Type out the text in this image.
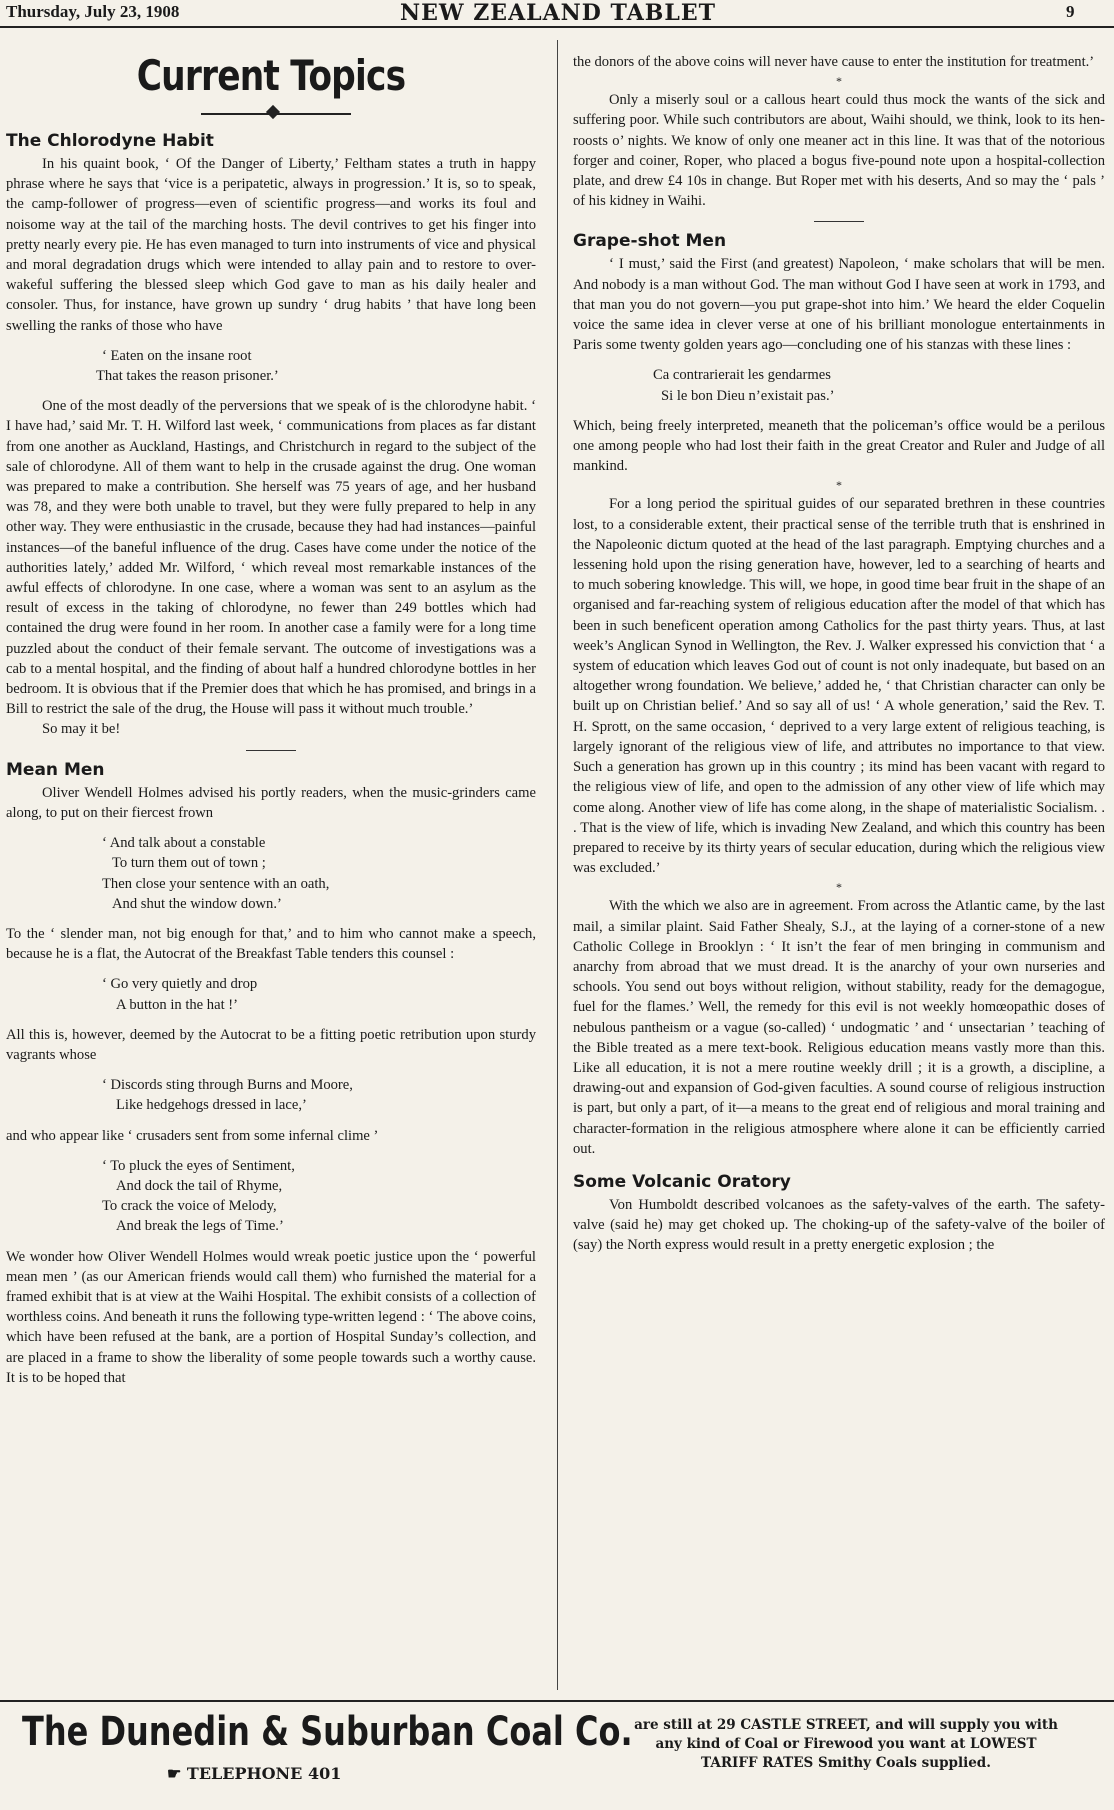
Thursday, July 23, 1908	NEW ZEALAND TABLET	9
Current Topics
The Chlorodyne Habit

In his quaint book, ‘ Of the Danger of Liberty,’ Feltham states a truth in happy phrase where he says that ‘vice is a peripatetic, always in progression.’ It is, so to speak, the camp-follower of progress—even of scientific progress—and works its foul and noisome way at the tail of the marching hosts. The devil contrives to get his finger into pretty nearly every pie. He has even managed to turn into instruments of vice and physical and moral degradation drugs which were intended to allay pain and to restore to over-wakeful suffering the blessed sleep which God gave to man as his daily healer and consoler. Thus, for instance, have grown up sundry ‘ drug habits ’ that have long been swelling the ranks of those who have

‘ Eaten on the insane root
That takes the reason prisoner.’

One of the most deadly of the perversions that we speak of is the chlorodyne habit. ‘ I have had,’ said Mr. T. H. Wilford last week, ‘ communications from places as far distant from one another as Auckland, Hastings, and Christchurch in regard to the subject of the sale of chlorodyne. All of them want to help in the crusade against the drug. One woman was prepared to make a contribution. She herself was 75 years of age, and her husband was 78, and they were both unable to travel, but they were fully prepared to help in any other way. They were enthusiastic in the crusade, because they had had instances—painful instances—of the baneful influence of the drug. Cases have come under the notice of the authorities lately,’ added Mr. Wilford, ‘ which reveal most remarkable instances of the awful effects of chlorodyne. In one case, where a woman was sent to an asylum as the result of excess in the taking of chlorodyne, no fewer than 249 bottles which had contained the drug were found in her room. In another case a family were for a long time puzzled about the conduct of their female servant. The outcome of investigations was a cab to a mental hospital, and the finding of about half a hundred chlorodyne bottles in her bedroom. It is obvious that if the Premier does that which he has promised, and brings in a Bill to restrict the sale of the drug, the House will pass it without much trouble.’

So may it be!

Mean Men

Oliver Wendell Holmes advised his portly readers, when the music-grinders came along, to put on their fiercest frown

‘ And talk about a constable
To turn them out of town ;
Then close your sentence with an oath,
And shut the window down.’

To the ‘ slender man, not big enough for that,’ and to him who cannot make a speech, because he is a flat, the Autocrat of the Breakfast Table tenders this counsel :

‘ Go very quietly and drop
A button in the hat !’

All this is, however, deemed by the Autocrat to be a fitting poetic retribution upon sturdy vagrants whose

‘ Discords sting through Burns and Moore,
Like hedgehogs dressed in lace,’

and who appear like ‘ crusaders sent from some infernal clime ’

‘ To pluck the eyes of Sentiment,
And dock the tail of Rhyme,
To crack the voice of Melody,
And break the legs of Time.’

We wonder how Oliver Wendell Holmes would wreak poetic justice upon the ‘ powerful mean men ’ (as our American friends would call them) who furnished the material for a framed exhibit that is at view at the Waihi Hospital. The exhibit consists of a collection of worthless coins. And beneath it runs the following type-written legend : ‘ The above coins, which have been refused at the bank, are a portion of Hospital Sunday’s collection, and are placed in a frame to show the liberality of some people towards such a worthy cause. It is to be hoped that

the donors of the above coins will never have cause to enter the institution for treatment.’

*

Only a miserly soul or a callous heart could thus mock the wants of the sick and suffering poor. While such contributors are about, Waihi should, we think, look to its hen-roosts o’ nights. We know of only one meaner act in this line. It was that of the notorious forger and coiner, Roper, who placed a bogus five-pound note upon a hospital-collection plate, and drew £4 10s in change. But Roper met with his deserts, And so may the ‘ pals ’ of his kidney in Waihi.

Grape-shot Men

‘ I must,’ said the First (and greatest) Napoleon, ‘ make scholars that will be men. And nobody is a man without God. The man without God I have seen at work in 1793, and that man you do not govern—you put grape-shot into him.’ We heard the elder Coquelin voice the same idea in clever verse at one of his brilliant monologue entertainments in Paris some twenty golden years ago—concluding one of his stanzas with these lines :

Ca contrarierait les gendarmes
Si le bon Dieu n’existait pas.’

Which, being freely interpreted, meaneth that the policeman’s office would be a perilous one among people who had lost their faith in the great Creator and Ruler and Judge of all mankind.

*

For a long period the spiritual guides of our separated brethren in these countries lost, to a considerable extent, their practical sense of the terrible truth that is enshrined in the Napoleonic dictum quoted at the head of the last paragraph. Emptying churches and a lessening hold upon the rising generation have, however, led to a searching of hearts and to much sobering knowledge. This will, we hope, in good time bear fruit in the shape of an organised and far-reaching system of religious education after the model of that which has been in such beneficent operation among Catholics for the past thirty years. Thus, at last week’s Anglican Synod in Wellington, the Rev. J. Walker expressed his conviction that ‘ a system of education which leaves God out of count is not only inadequate, but based on an altogether wrong foundation. We believe,’ added he, ‘ that Christian character can only be built up on Christian belief.’ And so say all of us! ‘ A whole generation,’ said the Rev. T. H. Sprott, on the same occasion, ‘ deprived to a very large extent of religious teaching, is largely ignorant of the religious view of life, and attributes no importance to that view. Such a generation has grown up in this country ; its mind has been vacant with regard to the religious view of life, and open to the admission of any other view of life which may come along. Another view of life has come along, in the shape of materialistic Socialism. . . That is the view of life, which is invading New Zealand, and which this country has been prepared to receive by its thirty years of secular education, during which the religious view was excluded.’

*

With the which we also are in agreement. From across the Atlantic came, by the last mail, a similar plaint. Said Father Shealy, S.J., at the laying of a corner-stone of a new Catholic College in Brooklyn : ‘ It isn’t the fear of men bringing in communism and anarchy from abroad that we must dread. It is the anarchy of your own nurseries and schools. You send out boys without religion, without stability, ready for the demagogue, fuel for the flames.’ Well, the remedy for this evil is not weekly homœopathic doses of nebulous pantheism or a vague (so-called) ‘ undogmatic ’ and ‘ unsectarian ’ teaching of the Bible treated as a mere text-book. Religious education means vastly more than this. Like all education, it is not a mere routine weekly drill ; it is a growth, a discipline, a drawing-out and expansion of God-given faculties. A sound course of religious instruction is part, but only a part, of it—a means to the great end of religious and moral training and character-formation in the religious atmosphere where alone it can be efficiently carried out.

Some Volcanic Oratory

Von Humboldt described volcanoes as the safety-valves of the earth. The safety-valve (said he) may get choked up. The choking-up of the safety-valve of the boiler of (say) the North express would result in a pretty energetic explosion ; the

The Dunedin & Suburban Coal Co.
☛ TELEPHONE 401
are still at 29 CASTLE STREET, and will supply you with
any kind of Coal or Firewood you want at LOWEST
TARIFF RATES Smithy Coals supplied.
